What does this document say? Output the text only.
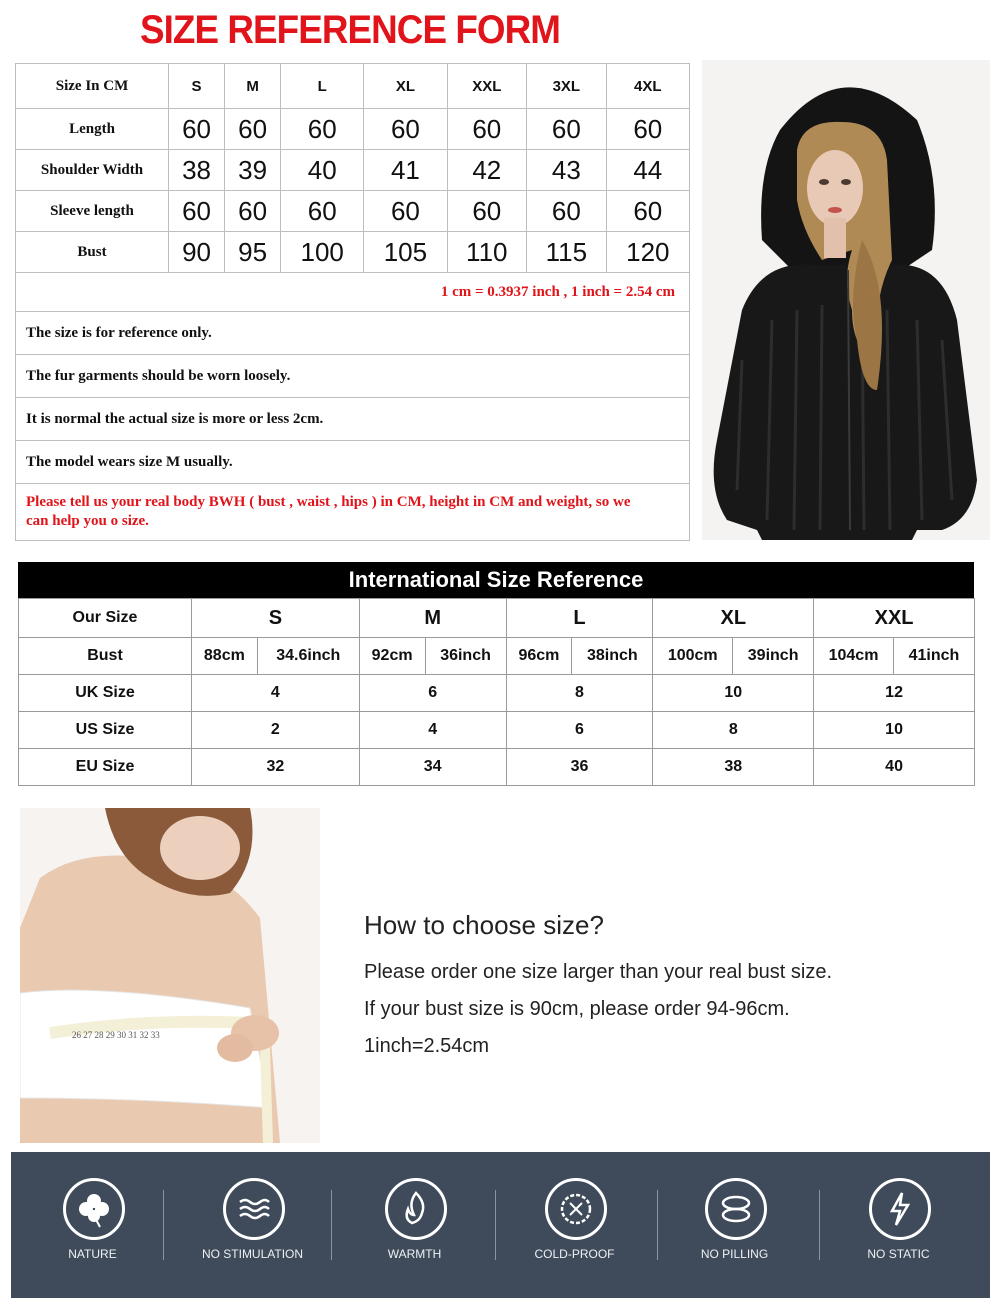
SIZE REFERENCE FORM
Size In CM	S	M	L	XL	XXL	3XL	4XL
Length	60	60	60	60	60	60	60
Shoulder Width	38	39	40	41	42	43	44
Sleeve length	60	60	60	60	60	60	60
Bust	90	95	100	105	110	115	120
1 cm = 0.3937 inch , 1 inch = 2.54 cm							
The size is for reference only.							
The fur garments should be worn loosely.							
It is normal the actual size is more or less 2cm.							
The model wears size M usually.							

Please tell us your real body BWH ( bust , waist , hips ) in CM, height in CM and weight, so we
can help you o size.							
International Size Reference
Our Size	S		M		L		XL		XXL	
Bust	88cm	34.6inch	92cm	36inch	96cm	38inch	100cm	39inch	104cm	41inch
UK Size	4		6		8		10		12	
US Size	2		4		6		8		10	
EU Size	32		34		36		38		40	
26 27 28 29 30 31 32 33
How to choose size?
Please order one size larger than your real bust size.
If your bust size is 90cm, please order 94-96cm.
1inch=2.54cm
NATURE	NO STIMULATION	WARMTH	COLD-PROOF	NO PILLING	NO STATIC
